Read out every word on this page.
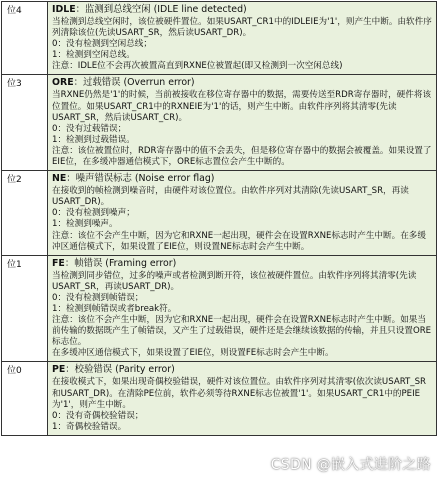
位4	IDLE：监测到总线空闲 (IDLE line detected)

当检测到总线空闲时，该位被硬件置位。如果USART_CR1中的IDLEIE为'1'，则产生中断。由软件序列清除该位(先读USART_SR，然后读USART_DR)。

0：没有检测到空闲总线；

1：检测到空闲总线。

注意：IDLE位不会再次被置高直到RXNE位被置起(即又检测到一次空闲总线)

位3	ORE：过载错误 (Overrun error)

当RXNE仍然是'1'的时候，当前被接收在移位寄存器中的数据，需要传送至RDR寄存器时，硬件将该位置位。如果USART_CR1中的RXNEIE为'1'的话，则产生中断。由软件序列将其清零(先读USART_SR，然后读USART_CR)。

0：没有过载错误；

1：检测到过载错误。

注意：该位被置位时，RDR寄存器中的值不会丢失，但是移位寄存器中的数据会被覆盖。如果设置了EIE位，在多缓冲器通信模式下，ORE标志置位会产生中断的。

位2	NE：噪声错误标志 (Noise error flag)

在接收到的帧检测到噪音时，由硬件对该位置位。由软件序列对其清除(先读USART_SR，再读USART_DR)。

0：没有检测到噪声；

1：检测到噪声。

注意：该位不会产生中断，因为它和RXNE一起出现，硬件会在设置RXNE标志时产生中断。在多缓冲区通信模式下，如果设置了EIE位，则设置NE标志时会产生中断。

位1	FE：帧错误 (Framing error)

当检测到同步错位，过多的噪声或者检测到断开符，该位被硬件置位。由软件序列将其清零(先读USART_SR，再读USART_DR)。

0：没有检测到帧错误；

1：检测到帧错误或者break符。

注意：该位不会产生中断，因为它和RXNE一起出现，硬件会在设置RXNE标志时产生中断。如果当前传输的数据既产生了帧错误，又产生了过载错误，硬件还是会继续该数据的传输，并且只设置ORE标志位。

在多缓冲区通信模式下，如果设置了EIE位，则设置FE标志时会产生中断。

位0	PE：校验错误 (Parity error)

在接收模式下，如果出现奇偶校验错误，硬件对该位置位。由软件序列对其清零(依次读USART_SR和USART_DR)。在清除PE位前，软件必须等待RXNE标志位被置'1'。如果USART_CR1中的PEIE为'1'，则产生中断。

0：没有奇偶校验错误；

1：奇偶校验错误。

CSDN @嵌入式进阶之路
